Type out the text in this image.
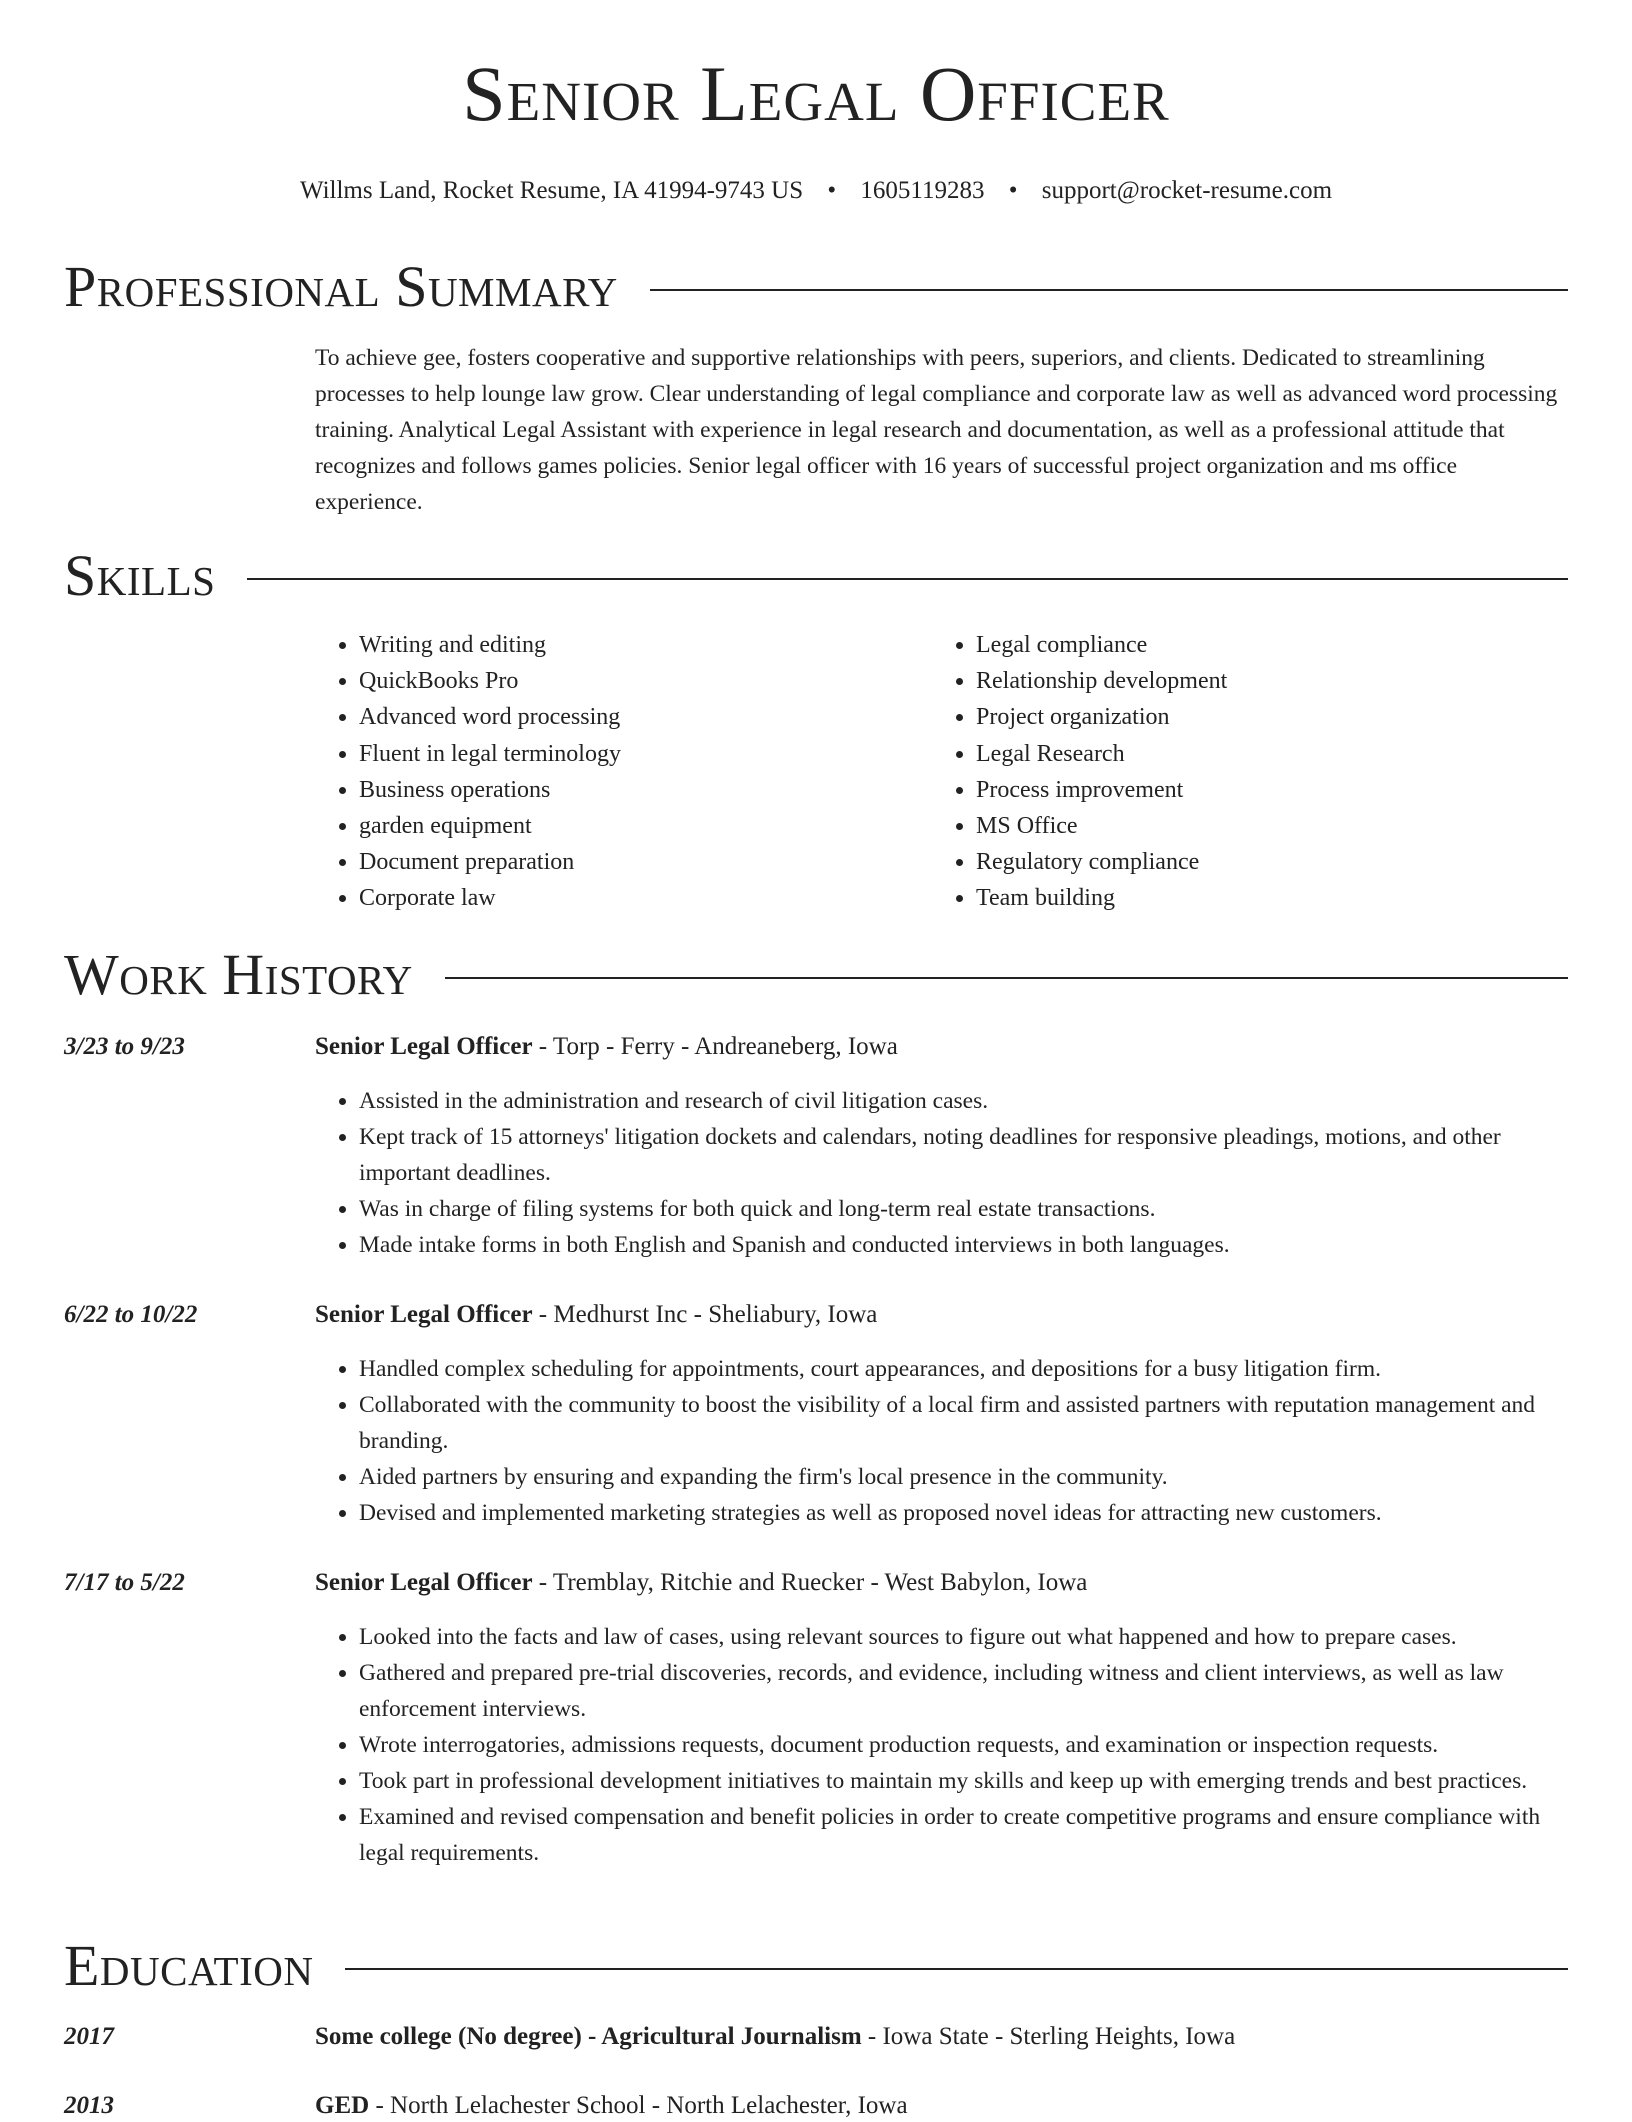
Senior Legal Officer
Willms Land, Rocket Resume, IA 41994-9743 US • 1605119283 • support@rocket-resume.com
Professional Summary

To achieve gee, fosters cooperative and supportive relationships with peers, superiors, and clients. Dedicated to streamlining processes to help lounge law grow. Clear understanding of legal compliance and corporate law as well as advanced word processing training. Analytical Legal Assistant with experience in legal research and documentation, as well as a professional attitude that recognizes and follows games policies. Senior legal officer with 16 years of successful project organization and ms office experience.

Skills
• Writing and editing
• QuickBooks Pro
• Advanced word processing
• Fluent in legal terminology
• Business operations
• garden equipment
• Document preparation
• Corporate law
• Legal compliance
• Relationship development
• Project organization
• Legal Research
• Process improvement
• MS Office
• Regulatory compliance
• Team building
Work History
3/23 to 9/23	Senior Legal Officer - Torp - Ferry - Andreaneberg, Iowa
• Assisted in the administration and research of civil litigation cases.
• Kept track of 15 attorneys' litigation dockets and calendars, noting deadlines for responsive pleadings, motions, and other important deadlines.
• Was in charge of filing systems for both quick and long-term real estate transactions.
• Made intake forms in both English and Spanish and conducted interviews in both languages.
6/22 to 10/22	Senior Legal Officer - Medhurst Inc - Sheliabury, Iowa
• Handled complex scheduling for appointments, court appearances, and depositions for a busy litigation firm.
• Collaborated with the community to boost the visibility of a local firm and assisted partners with reputation management and branding.
• Aided partners by ensuring and expanding the firm's local presence in the community.
• Devised and implemented marketing strategies as well as proposed novel ideas for attracting new customers.
7/17 to 5/22	Senior Legal Officer - Tremblay, Ritchie and Ruecker - West Babylon, Iowa
• Looked into the facts and law of cases, using relevant sources to figure out what happened and how to prepare cases.
• Gathered and prepared pre-trial discoveries, records, and evidence, including witness and client interviews, as well as law enforcement interviews.
• Wrote interrogatories, admissions requests, document production requests, and examination or inspection requests.
• Took part in professional development initiatives to maintain my skills and keep up with emerging trends and best practices.
• Examined and revised compensation and benefit policies in order to create competitive programs and ensure compliance with legal requirements.
Education
2017	Some college (No degree) - Agricultural Journalism - Iowa State - Sterling Heights, Iowa
2013	GED - North Lelachester School - North Lelachester, Iowa
